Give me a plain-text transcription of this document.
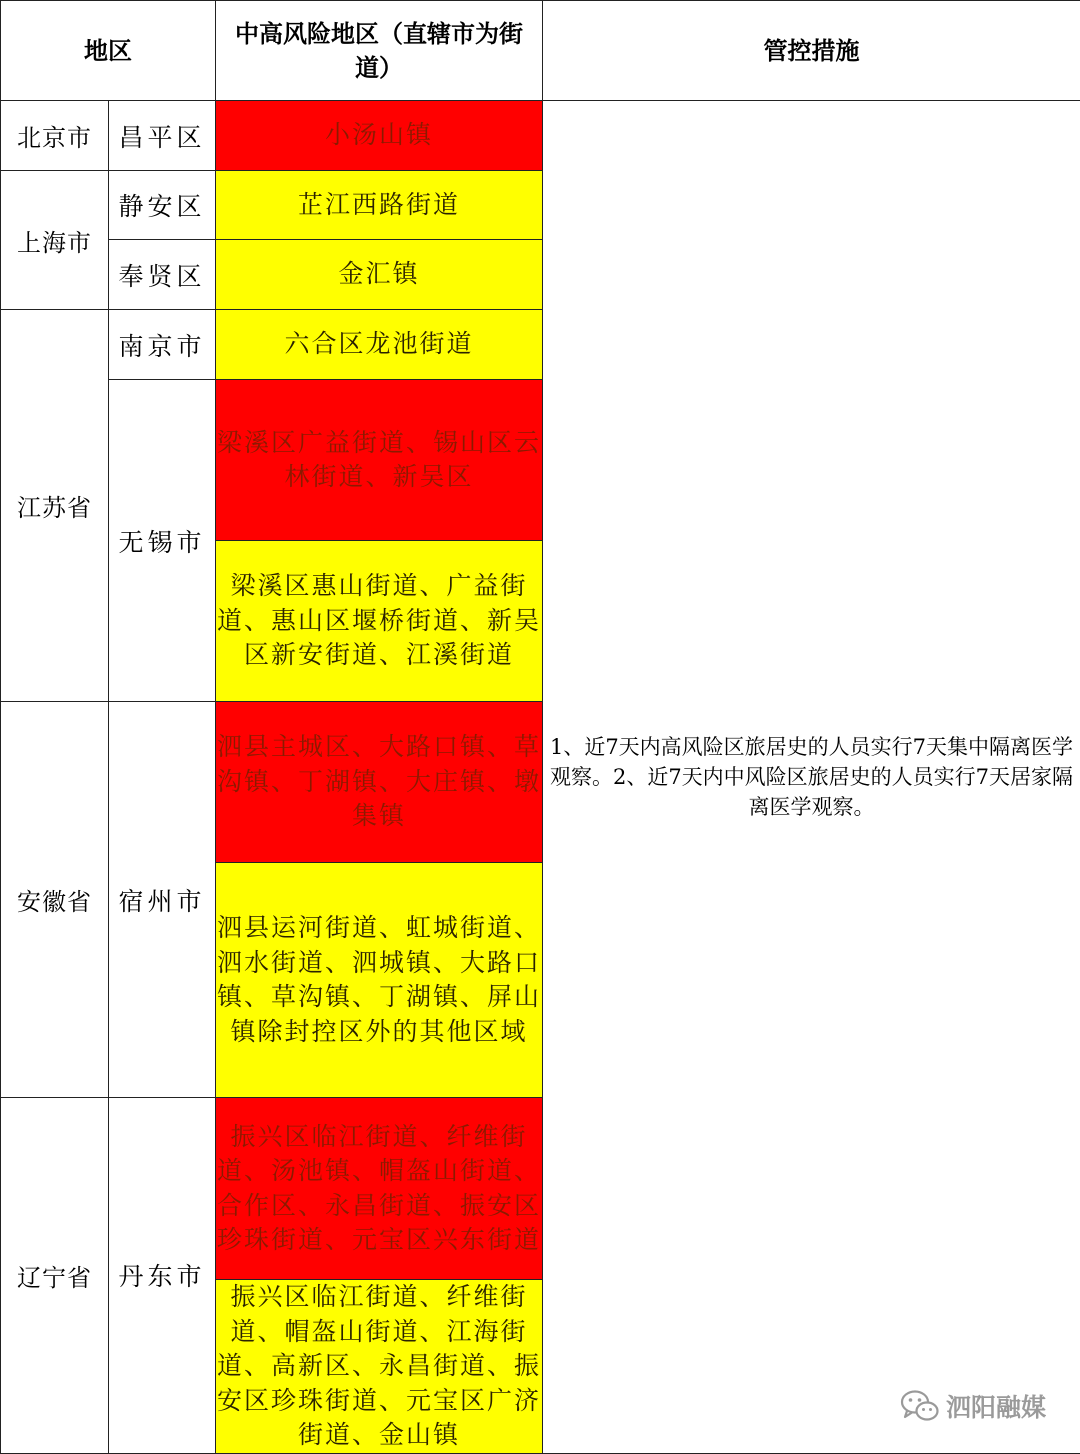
地区		中高风险地区（直辖市为街道）	管控措施
北京市	昌平区	小汤山镇	1、近7天内高风险区旅居史的人员实行7天集中隔离医学观察。2、近7天内中风险区旅居史的人员实行7天居家隔离医学观察。
上海市	静安区	芷江西路街道	
	奉贤区	金汇镇	
江苏省	南京市	六合区龙池街道	
	无锡市	梁溪区广益街道、锡山区云林街道、新吴区	
		梁溪区惠山街道、广益街道、惠山区堰桥街道、新吴区新安街道、江溪街道	
安徽省	宿州市	泗县主城区、大路口镇、草沟镇、丁湖镇、大庄镇、墩集镇	
		泗县运河街道、虹城街道、泗水街道、泗城镇、大路口镇、草沟镇、丁湖镇、屏山镇除封控区外的其他区域	
辽宁省	丹东市	振兴区临江街道、纤维街道、汤池镇、帽盔山街道、合作区、永昌街道、振安区珍珠街道、元宝区兴东街道	
		振兴区临江街道、纤维街道、帽盔山街道、江海街道、高新区、永昌街道、振安区珍珠街道、元宝区广济街道、金山镇	
泗阳融媒
